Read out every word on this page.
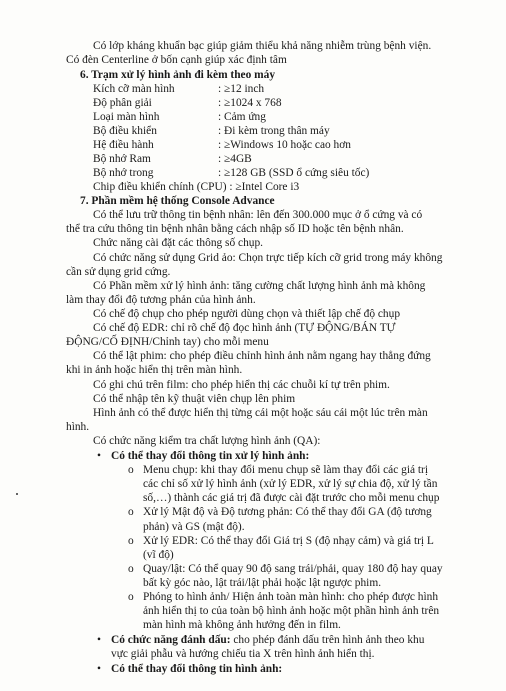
Có lớp kháng khuẩn bạc giúp giảm thiểu khả năng nhiễm trùng bệnh viện.
Có đèn Centerline ở bốn cạnh giúp xác định tâm
6. Trạm xử lý hình ảnh đi kèm theo máy
Kích cỡ màn hình	: ≥12 inch
Độ phân giải	: ≥1024 x 768
Loại màn hình	: Cảm ứng
Bộ điều khiển	: Đi kèm trong thân máy
Hệ điều hành	: ≥Windows 10 hoặc cao hơn
Bộ nhớ Ram	: ≥4GB
Bộ nhớ trong	: ≥128 GB (SSD ổ cứng siêu tốc)
Chip điều khiển chính (CPU) : ≥Intel Core i3
7. Phần mềm hệ thống Console Advance
Có thể lưu trữ thông tin bệnh nhân: lên đến 300.000 mục ở ổ cứng và có
thể tra cứu thông tin bệnh nhân bằng cách nhập số ID hoặc tên bệnh nhân.
Chức năng cài đặt các thông số chụp.
Có chức năng sử dụng Grid ảo: Chọn trực tiếp kích cỡ grid trong máy không
cần sử dụng grid cứng.
Có Phần mềm xử lý hình ảnh: tăng cường chất lượng hình ảnh mà không
làm thay đổi độ tương phản của hình ảnh.
Có chế độ chụp cho phép người dùng chọn và thiết lập chế độ chụp
Có chế độ EDR: chỉ rõ chế độ đọc hình ảnh (TỰ ĐỘNG/BÁN TỰ
ĐỘNG/CỐ ĐỊNH/Chỉnh tay) cho mỗi menu
Có thể lật phim: cho phép điều chỉnh hình ảnh nằm ngang hay thẳng đứng
khi in ảnh hoặc hiển thị trên màn hình.
Có ghi chú trên film: cho phép hiển thị các chuỗi kí tự trên phim.
Có thể nhập tên kỹ thuật viên chụp lên phim
Hình ảnh có thể được hiển thị từng cái một hoặc sáu cái một lúc trên màn
hình.
Có chức năng kiểm tra chất lượng hình ảnh (QA):
• Có thể thay đổi thông tin xử lý hình ảnh:
o Menu chụp: khi thay đổi menu chụp sẽ làm thay đổi các giá trị
các chỉ số xử lý hình ảnh (xử lý EDR, xử lý sự chia độ, xử lý tần
số,…) thành các giá trị đã được cài đặt trước cho mỗi menu chụp
o Xử lý Mật độ và Độ tương phản: Có thể thay đổi GA (độ tương
phản) và GS (mật độ).
o Xử lý EDR: Có thể thay đổi Giá trị S (độ nhạy cảm) và giá trị L
(vĩ độ)
o Quay/lật: Có thể quay 90 độ sang trái/phải, quay 180 độ hay quay
bất kỳ góc nào, lật trái/lật phải hoặc lật ngược phim.
o Phóng to hình ảnh/ Hiện ảnh toàn màn hình: cho phép được hình
ảnh hiển thị to của toàn bộ hình ảnh hoặc một phần hình ảnh trên
màn hình mà không ảnh hưởng đến in film.
• Có chức năng đánh dấu: cho phép đánh dấu trên hình ảnh theo khu
vực giải phẫu và hướng chiếu tia X trên hình ảnh hiển thị.
• Có thể thay đổi thông tin hình ảnh:
